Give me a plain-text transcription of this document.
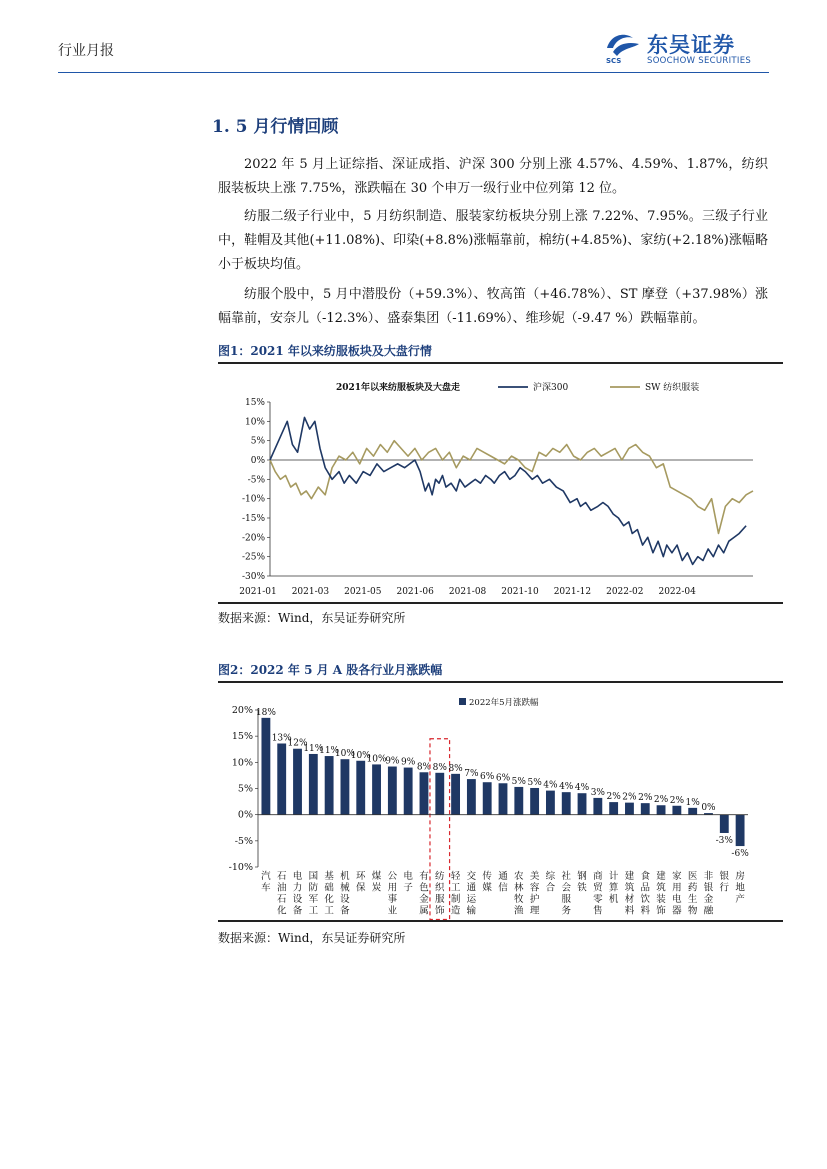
行业月报
SCS
东吴证券
SOOCHOW SECURITIES
1. 5 月行情回顾
2022 年 5 月上证综指、深证成指、沪深 300 分别上涨 4.57%、4.59%、1.87%，纺织服装板块上涨 7.75%，涨跌幅在 30 个申万一级行业中位列第 12 位。
纺服二级子行业中，5 月纺织制造、服装家纺板块分别上涨 7.22%、7.95%。三级子行业中，鞋帽及其他(+11.08%)、印染(+8.8%)涨幅靠前，棉纺(+4.85%)、家纺(+2.18%)涨幅略小于板块均值。
纺服个股中，5 月中潜股份（+59.3%）、牧高笛（+46.78%）、ST 摩登（+37.98%）涨幅靠前，安奈儿（-12.3%）、盛泰集团（-11.69%）、维珍妮（-9.47 %）跌幅靠前。
图1：2021 年以来纺服板块及大盘行情
2021年以来纺服板块及大盘走	沪深300	SW 纺织服装
15%
10%
5%
0%
-5%
-10%
-15%
-20%
-25%
-30%
2021-01 2021-03 2021-05 2021-06 2021-08 2021-10 2021-12 2022-02 2022-04
数据来源：Wind，东吴证券研究所
图2：2022 年 5 月 A 股各行业月涨跌幅
2022年5月涨跌幅
20%
15%
10%
5%
0%
-5%
-10%
18%
汽车
13%
石油石化
12%
电力设备
11%
国防军工
11%
基础化工
10%
机械设备
10%
环保
10%
煤炭
9%
公用事业
9%
电子
8%
有色金属
8%
纺织服饰
8%
轻工制造
7%
交通运输
6%
传媒
6%
通信
5%
农林牧渔
5%
美容护理
4%
综合
4%
社会服务
4%
钢铁
3%
商贸零售
2%
计算机
2%
建筑材料
2%
食品饮料
2%
建筑装饰
2%
家用电器
1%
医药生物
0%
非银金融
-3%
银行
-6%
房地产
数据来源：Wind，东吴证券研究所
